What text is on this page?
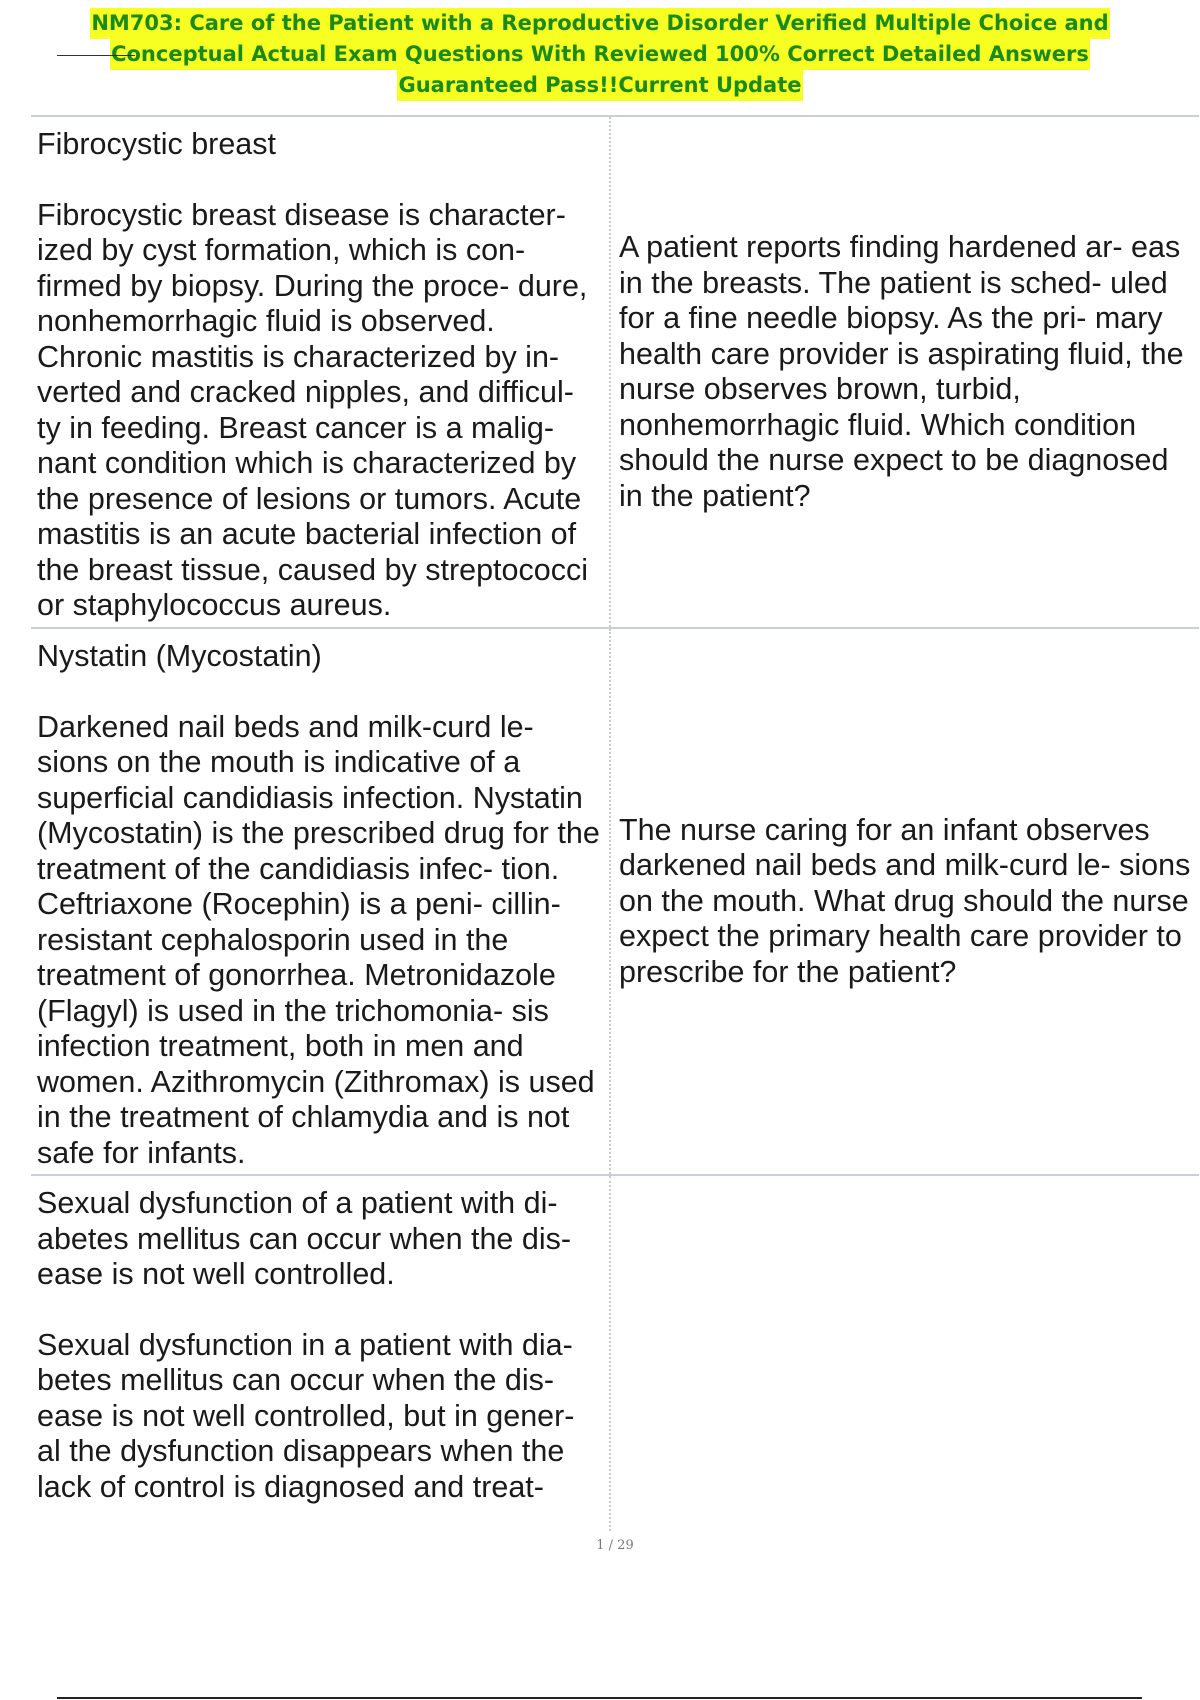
NM703: Care of the Patient with a Reproductive Disorder Verified Multiple Choice and
Conceptual Actual Exam Questions With Reviewed 100% Correct Detailed Answers
Guaranteed Pass!!Current Update

Fibrocystic breast

Fibrocystic breast disease is character- ized by cyst formation, which is con- firmed by biopsy. During the proce- dure, nonhemorrhagic fluid is observed. Chronic mastitis is characterized by in- verted and cracked nipples, and difficul- ty in feeding. Breast cancer is a malig- nant condition which is characterized by the presence of lesions or tumors. Acute mastitis is an acute bacterial infection of the breast tissue, caused by streptococci or staphylococcus aureus.

A patient reports finding hardened ar- eas in the breasts. The patient is sched- uled for a fine needle biopsy. As the pri- mary health care provider is aspirating fluid, the nurse observes brown, turbid, nonhemorrhagic fluid. Which condition should the nurse expect to be diagnosed in the patient?

Nystatin (Mycostatin)

Darkened nail beds and milk-curd le- sions on the mouth is indicative of a superficial candidiasis infection. Nystatin (Mycostatin) is the prescribed drug for the treatment of the candidiasis infec- tion. Ceftriaxone (Rocephin) is a peni- cillin-resistant cephalosporin used in the treatment of gonorrhea. Metronidazole (Flagyl) is used in the trichomonia- sis infection treatment, both in men and women. Azithromycin (Zithromax) is used in the treatment of chlamydia and is not safe for infants.

The nurse caring for an infant observes darkened nail beds and milk-curd le- sions on the mouth. What drug should the nurse expect the primary health care provider to prescribe for the patient?

Sexual dysfunction of a patient with di- abetes mellitus can occur when the dis- ease is not well controlled.

Sexual dysfunction in a patient with dia- betes mellitus can occur when the dis- ease is not well controlled, but in gener- al the dysfunction disappears when the lack of control is diagnosed and treat-

1 / 29
